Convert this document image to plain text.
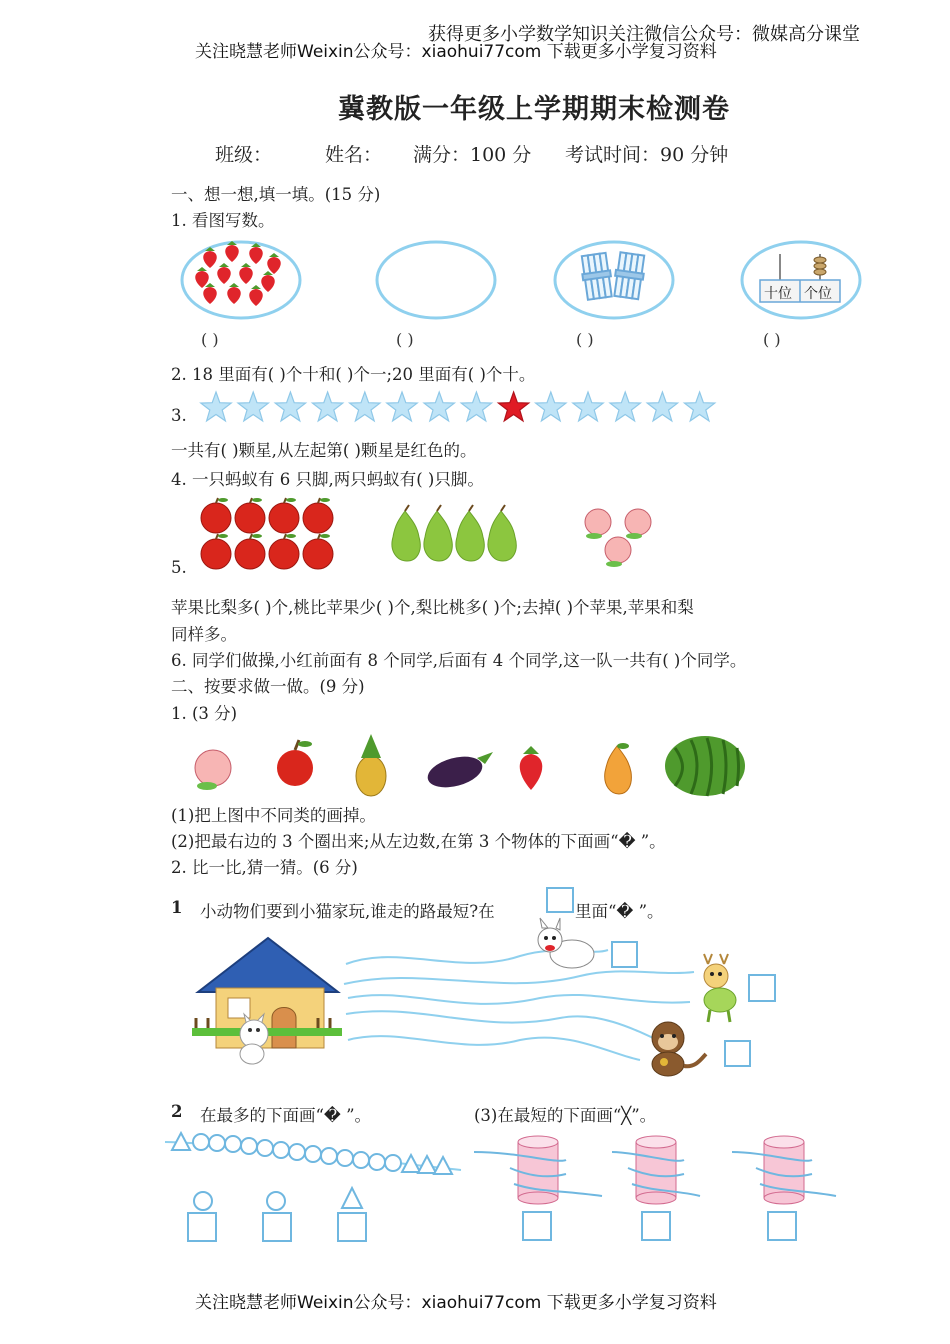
获得更多小学数学知识关注微信公众号：微媒高分课堂
关注晓慧老师Weixin公众号：xiaohui77com 下载更多小学复习资料
冀教版一年级上学期期末检测卷
班级：	姓名： 满分：100 分 考试时间：90 分钟
一、想一想,填一填。(15 分)
1. 看图写数。
十位 个位
( )	( )	( )	( )
2. 18 里面有( )个十和( )个一;20 里面有( )个十。
3.
一共有( )颗星,从左起第( )颗星是红色的。
4. 一只蚂蚁有 6 只脚,两只蚂蚁有( )只脚。
5.
苹果比梨多( )个,桃比苹果少( )个,梨比桃多( )个;去掉( )个苹果,苹果和梨
同样多。
6. 同学们做操,小红前面有 8 个同学,后面有 4 个同学,这一队一共有( )个同学。
二、按要求做一做。(9 分)
1. (3 分)
(1)把上图中不同类的画掉。
(2)把最右边的 3 个圈出来;从左边数,在第 3 个物体的下面画“� ”。
2. 比一比,猜一猜。(6 分)
1 小动物们要到小猫家玩,谁走的路最短?在	里面“� ”。
2 在最多的下面画“� ”。	(3)在最短的下面画“╳”。
关注晓慧老师Weixin公众号：xiaohui77com 下载更多小学复习资料
